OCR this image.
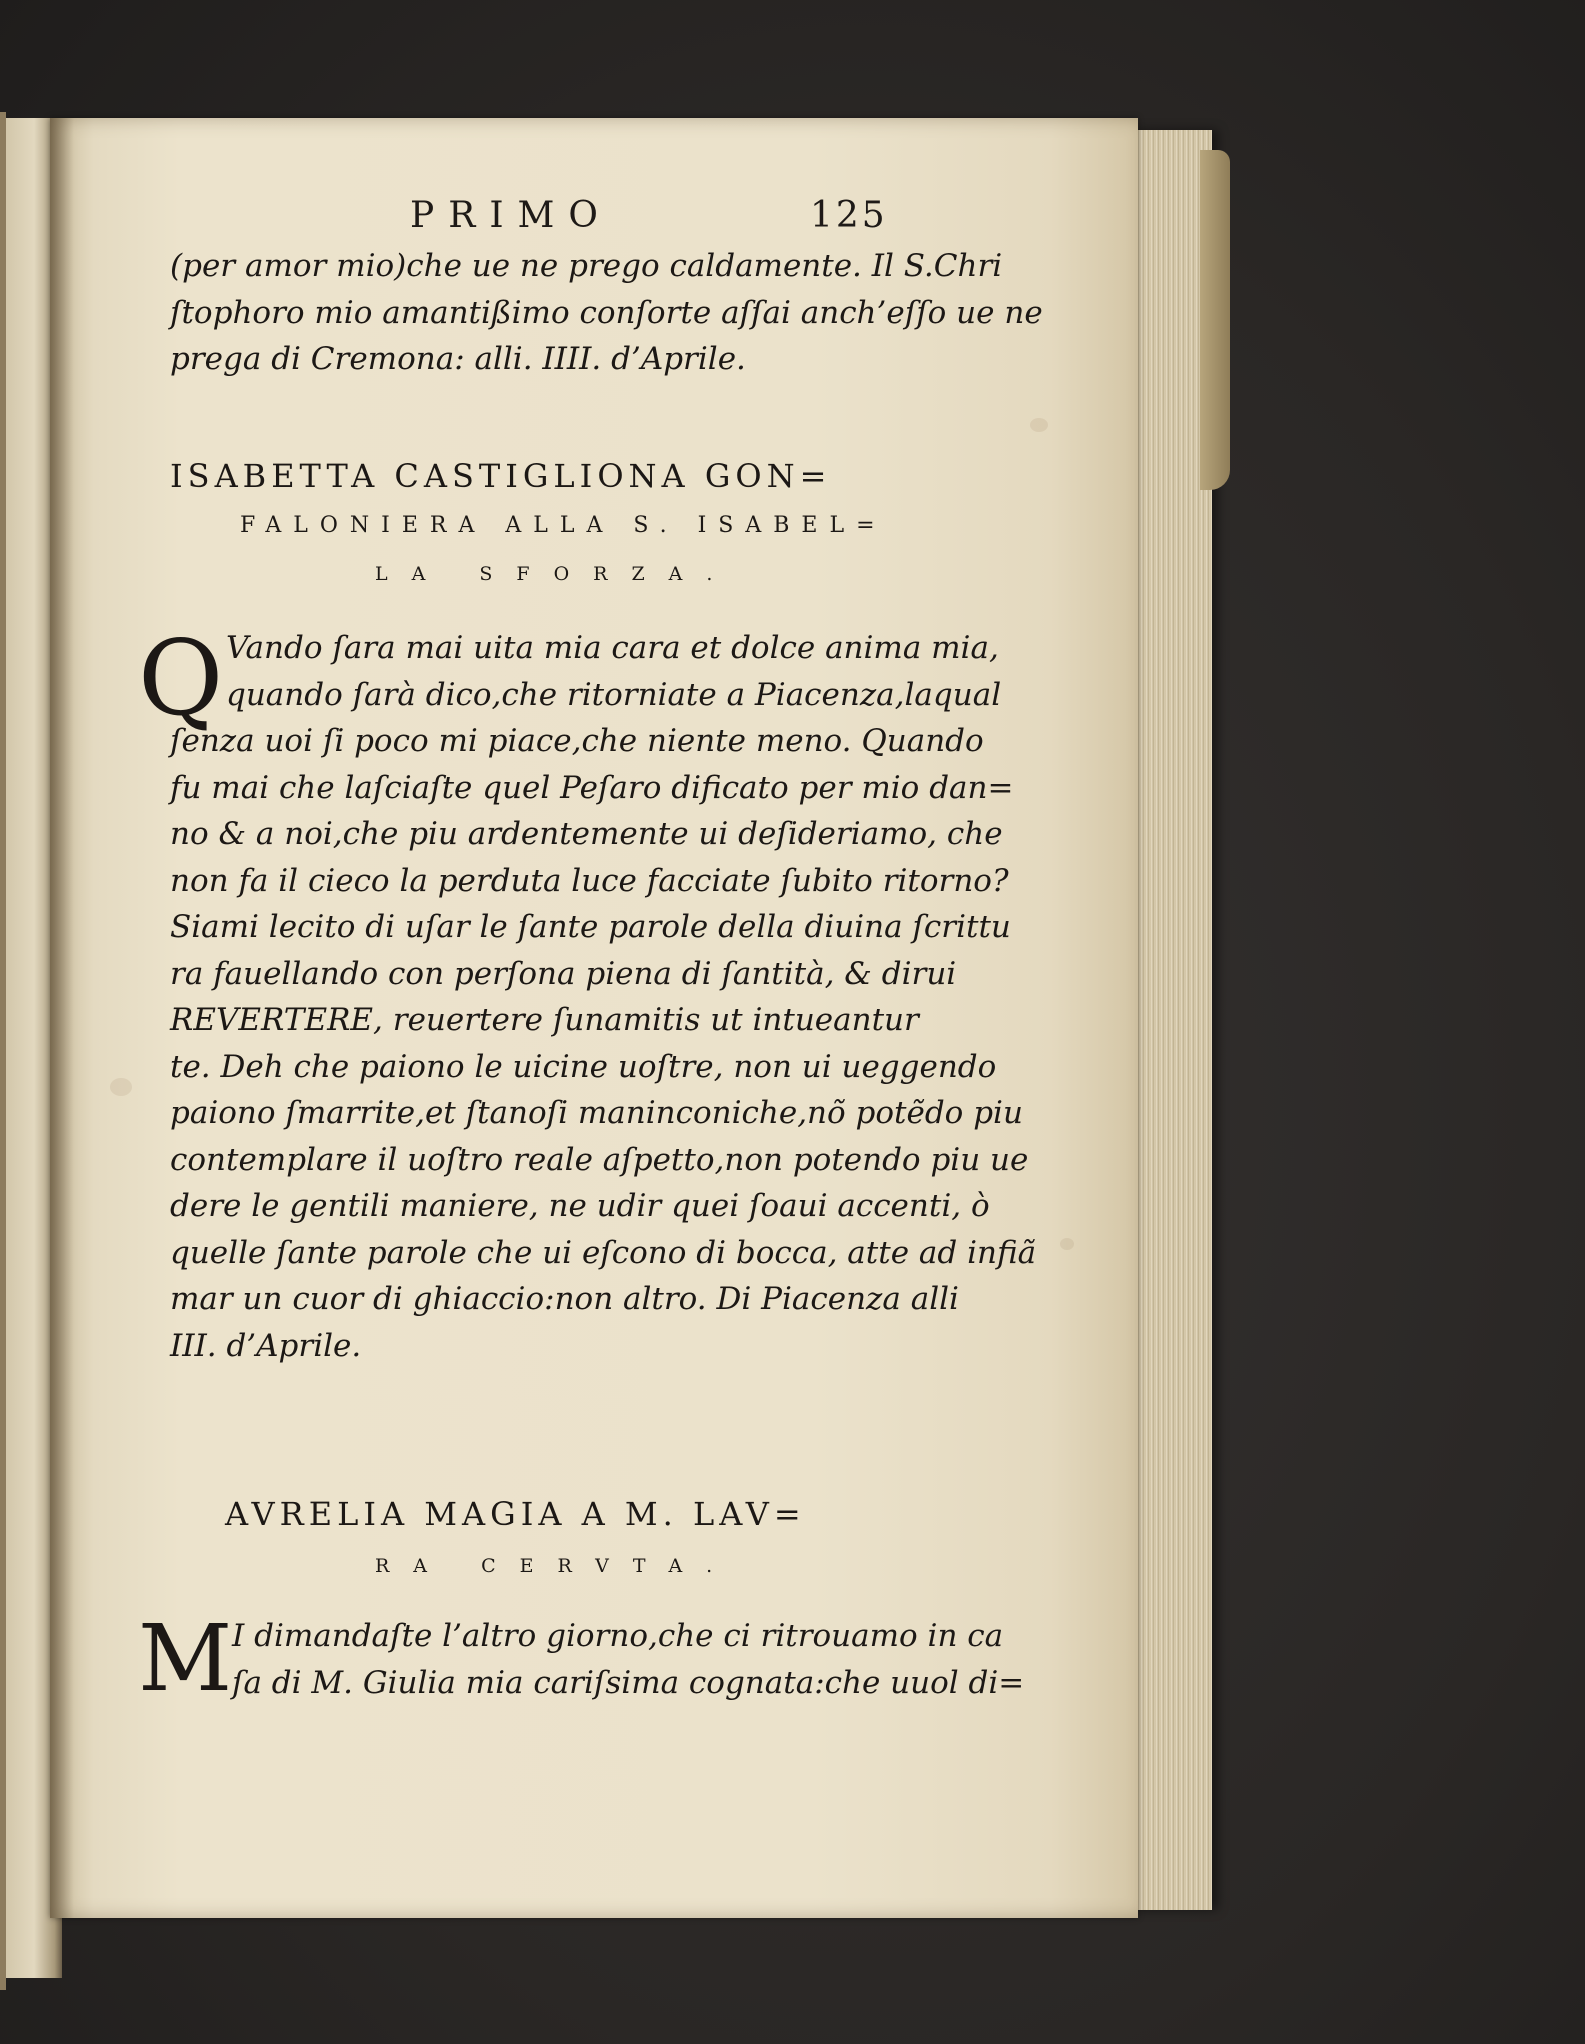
PRIMO	125
(per amor mio)che ue ne prego caldamente. Il S.Chri
ſtophoro mio amantißimo conſorte aſſai anch’eſſo ue ne
prega di Cremona: alli. IIII. d’Aprile.
ISABETTA CASTIGLIONA GON=
FALONIERA ALLA S. ISABEL=
LA SFORZA.
Q Vando ſara mai uita mia cara et dolce anima mia,
quando ſarà dico,che ritorniate a Piacenza,laqual
ſenza uoi ſi poco mi piace,che niente meno. Quando
fu mai che laſciaſte quel Peſaro dificato per mio dan=
no & a noi,che piu ardentemente ui deſideriamo, che
non fa il cieco la perduta luce facciate ſubito ritorno?
Siami lecito di uſar le ſante parole della diuina ſcrittu
ra fauellando con perſona piena di ſantità, & dirui
REVERTERE, reuertere ſunamitis ut intueantur
te. Deh che paiono le uicine uoſtre, non ui ueggendo
paiono ſmarrite,et ſtanoſi maninconiche,nõ potẽdo piu
contemplare il uoſtro reale aſpetto,non potendo piu ue
dere le gentili maniere, ne udir quei ſoaui accenti, ò
quelle ſante parole che ui eſcono di bocca, atte ad infiã
mar un cuor di ghiaccio:non altro. Di Piacenza alli
III. d’Aprile.
AVRELIA MAGIA A M. LAV=
RA CERVTA.
M I dimandaſte l’altro giorno,che ci ritrouamo in ca
ſa di M. Giulia mia cariſsima cognata:che uuol di=
